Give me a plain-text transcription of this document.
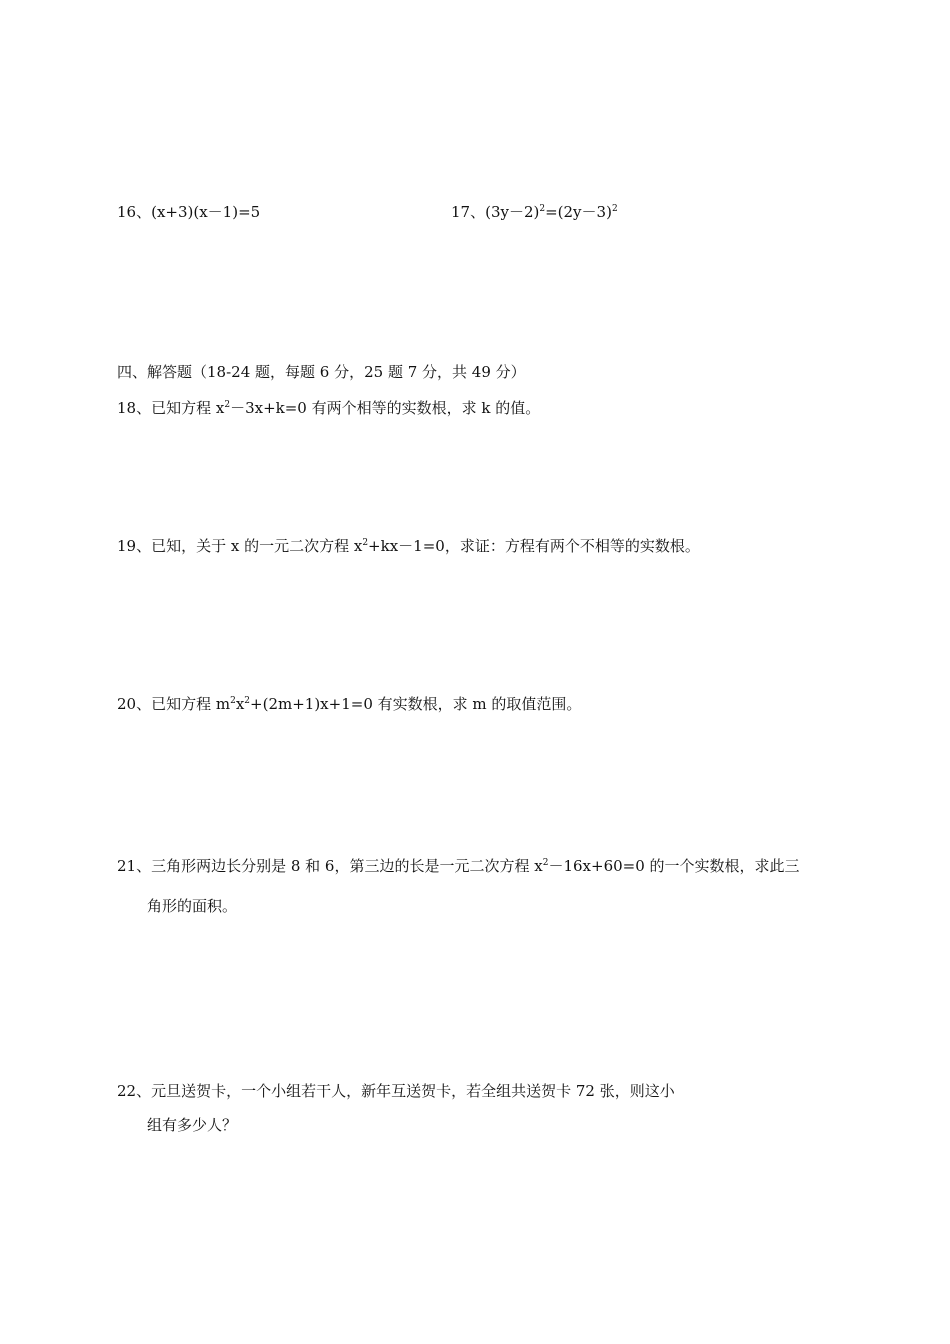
16、(x+3)(x－1)=5	17、$(3y-2)^2=(2y-3)^2$
四、解答题（18-24 题，每题 6 分，25 题 7 分，共 49 分）
18、已知方程 $x^2-3x+k=0$ 有两个相等的实数根，求 k 的值。
19、已知，关于 x 的一元二次方程 $x^2+kx-1=0$，求证：方程有两个不相等的实数根。
20、已知方程 $m^2x^2+(2m+1)x+1=0$ 有实数根，求 m 的取值范围。
21、三角形两边长分别是 8 和 6，第三边的长是一元二次方程 $x^2-16x+60=0$ 的一个实数根，求此三
角形的面积。
22、元旦送贺卡，一个小组若干人，新年互送贺卡，若全组共送贺卡 72 张，则这小
组有多少人？
